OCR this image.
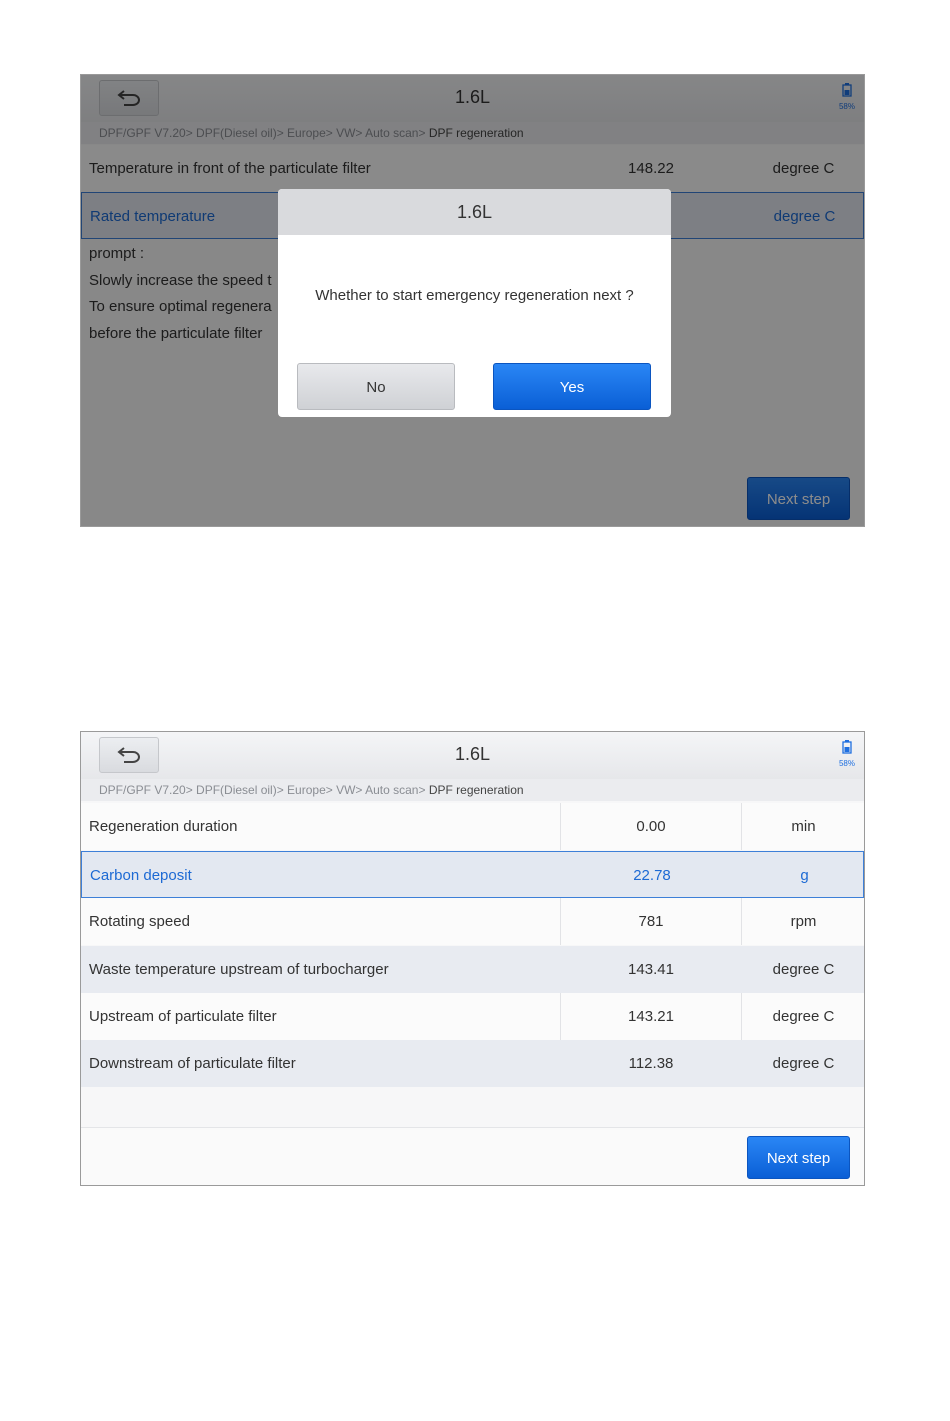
1.6L	58%
DPF/GPF V7.20> DPF(Diesel oil)> Europe> VW> Auto scan> DPF regeneration
Temperature in front of the particulate filter	148.22	degree C
Rated temperature	degree C
prompt :
Slowly increase the speed t
To ensure optimal regenera
before the particulate filter
Next step
1.6L
Whether to start emergency regeneration next ?
No	Yes
1.6L	58%
DPF/GPF V7.20> DPF(Diesel oil)> Europe> VW> Auto scan> DPF regeneration
Regeneration duration	0.00	min
Carbon deposit	22.78	g
Rotating speed	781	rpm
Waste temperature upstream of turbocharger	143.41	degree C
Upstream of particulate filter	143.21	degree C
Downstream of particulate filter	112.38	degree C
Next step
